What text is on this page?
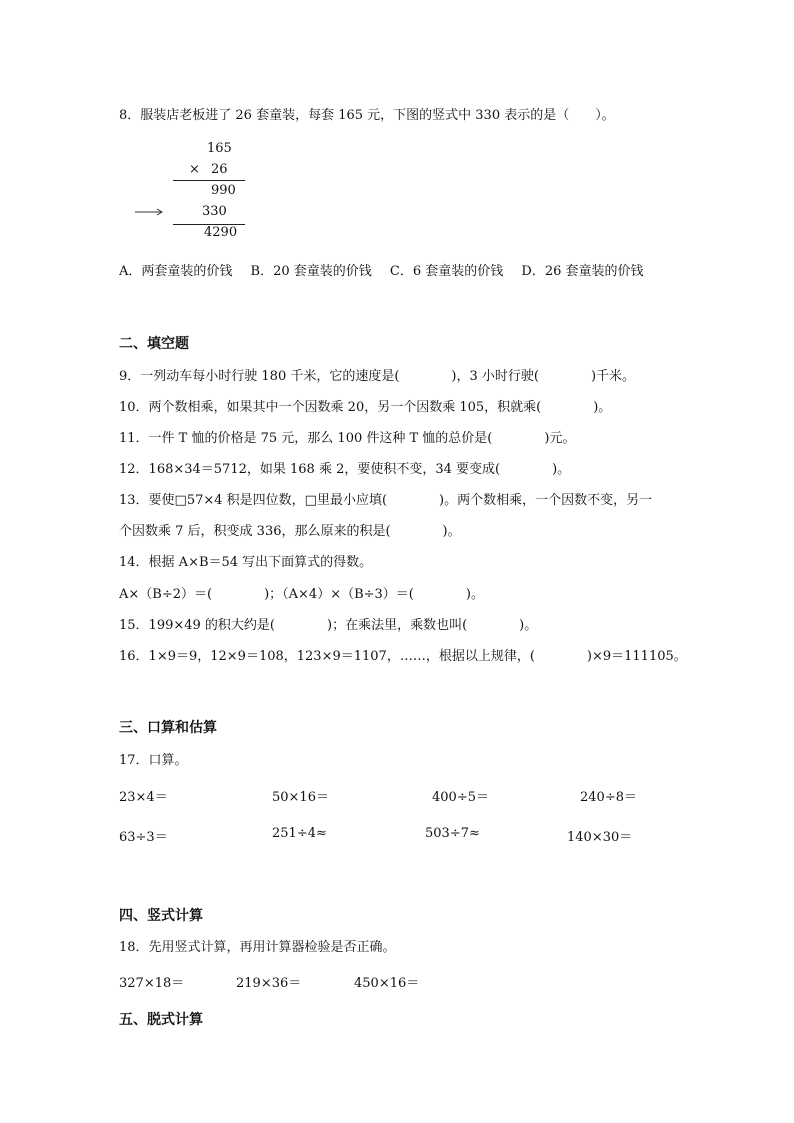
8．服装店老板进了 26 套童装，每套 165 元，下图的竖式中 330 表示的是（　　）。
165
× 26
990
330
4290
A．两套童装的价钱 B．20 套童装的价钱 C．6 套童装的价钱 D．26 套童装的价钱
二、填空题
9．一列动车每小时行驶 180 千米，它的速度是(　　　　)，3 小时行驶(　　　　)千米。
10．两个数相乘，如果其中一个因数乘 20，另一个因数乘 105，积就乘(　　　　)。
11．一件 T 恤的价格是 75 元，那么 100 件这种 T 恤的总价是(　　　　)元。
12．168×34＝5712，如果 168 乘 2，要使积不变，34 要变成(　　　　)。
13．要使□57×4 积是四位数，□里最小应填(　　　　)。两个数相乘，一个因数不变，另一
个因数乘 7 后，积变成 336，那么原来的积是(　　　　)。
14．根据 A×B＝54 写出下面算式的得数。
A×（B÷2）＝(　　　　)；（A×4）×（B÷3）＝(　　　　)。
15．199×49 的积大约是(　　　　)；在乘法里，乘数也叫(　　　　)。
16．1×9＝9，12×9＝108，123×9＝1107，……，根据以上规律，(　　　　)×9＝111105。
三、口算和估算
17．口算。
23×4＝	50×16＝	400÷5＝	240÷8＝
63÷3＝	251÷4≈	503÷7≈	140×30＝
四、竖式计算
18．先用竖式计算，再用计算器检验是否正确。
327×18＝	219×36＝	450×16＝
五、脱式计算
